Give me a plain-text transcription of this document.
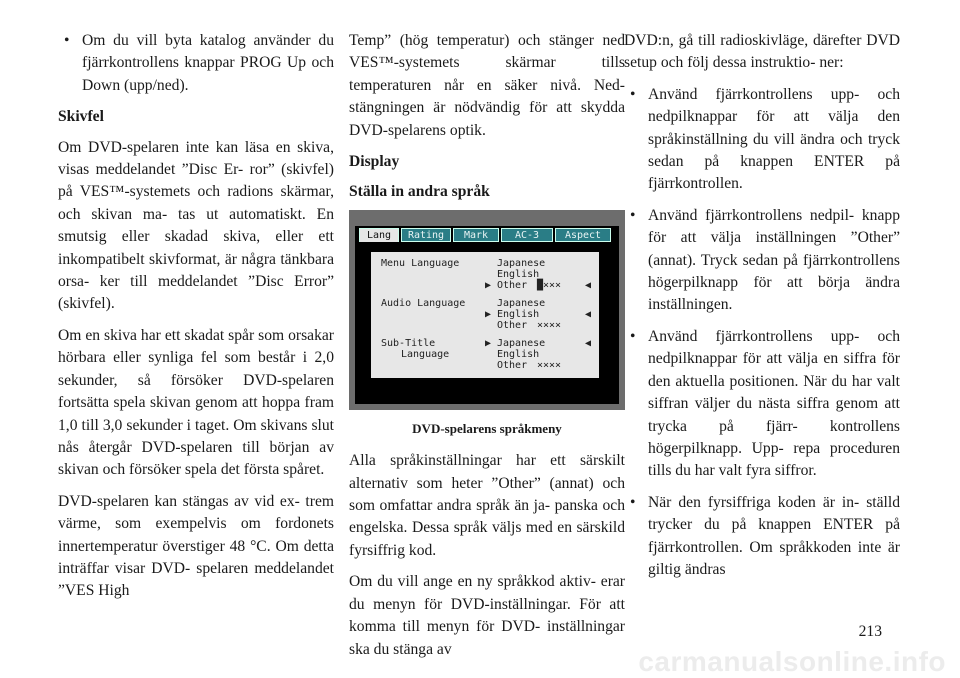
• Om du vill byta katalog använder du fjärrkontrollens knappar PROG Up och Down (upp/ned).
Skivfel

Om DVD-spelaren inte kan läsa en skiva, visas meddelandet ”Disc Er- ror” (skivfel) på VES™-systemets och radions skärmar, och skivan ma- tas ut automatiskt. En smutsig eller skadad skiva, eller ett inkompatibelt skivformat, är några tänkbara orsa- ker till meddelandet ”Disc Error” (skivfel).

Om en skiva har ett skadat spår som orsakar hörbara eller synliga fel som består i 2,0 sekunder, så försöker DVD-spelaren fortsätta spela skivan genom att hoppa fram 1,0 till 3,0 sekunder i taget. Om skivans slut nås återgår DVD-spelaren till början av skivan och försöker spela det första spåret.

DVD-spelaren kan stängas av vid ex- trem värme, som exempelvis om fordonets innertemperatur överstiger 48 °C. Om detta inträffar visar DVD- spelaren meddelandet ”VES High

Temp” (hög temperatur) och stänger ned VES™-systemets skärmar tills temperaturen når en säker nivå. Ned- stängningen är nödvändig för att skydda DVD-spelarens optik.

Display
Ställa in andra språk
Lang	Rating	Mark	AC-3	Aspect
Menu Language	Japanese
English
▶ Other █××× ◀
Audio Language	Japanese
▶ English	◀
Other ××××
Sub-Title
Language
▶ Japanese	◀
English
Other ××××
DVD-spelarens språkmeny

Alla språkinställningar har ett särskilt alternativ som heter ”Other” (annat) och som omfattar andra språk än ja- panska och engelska. Dessa språk väljs med en särskild fyrsiffrig kod.

Om du vill ange en ny språkkod aktiv- erar du menyn för DVD-inställningar. För att komma till menyn för DVD- inställningar ska du stänga av

DVD:n, gå till radioskivläge, därefter DVD setup och följ dessa instruktio- ner:

• Använd fjärrkontrollens upp- och nedpilknappar för att välja den språkinställning du vill ändra och tryck sedan på knappen ENTER på fjärrkontrollen.
• Använd fjärrkontrollens nedpil- knapp för att välja inställningen ”Other” (annat). Tryck sedan på fjärrkontrollens högerpilknapp för att börja ändra inställningen.
• Använd fjärrkontrollens upp- och nedpilknappar för att välja en siffra för den aktuella positionen. När du har valt siffran väljer du nästa siffra genom att trycka på fjärr- kontrollens högerpilknapp. Upp- repa proceduren tills du har valt fyra siffror.
• När den fyrsiffriga koden är in- ställd trycker du på knappen ENTER på fjärrkontrollen. Om språkkoden inte är giltig ändras
213
carmanualsonline.info
